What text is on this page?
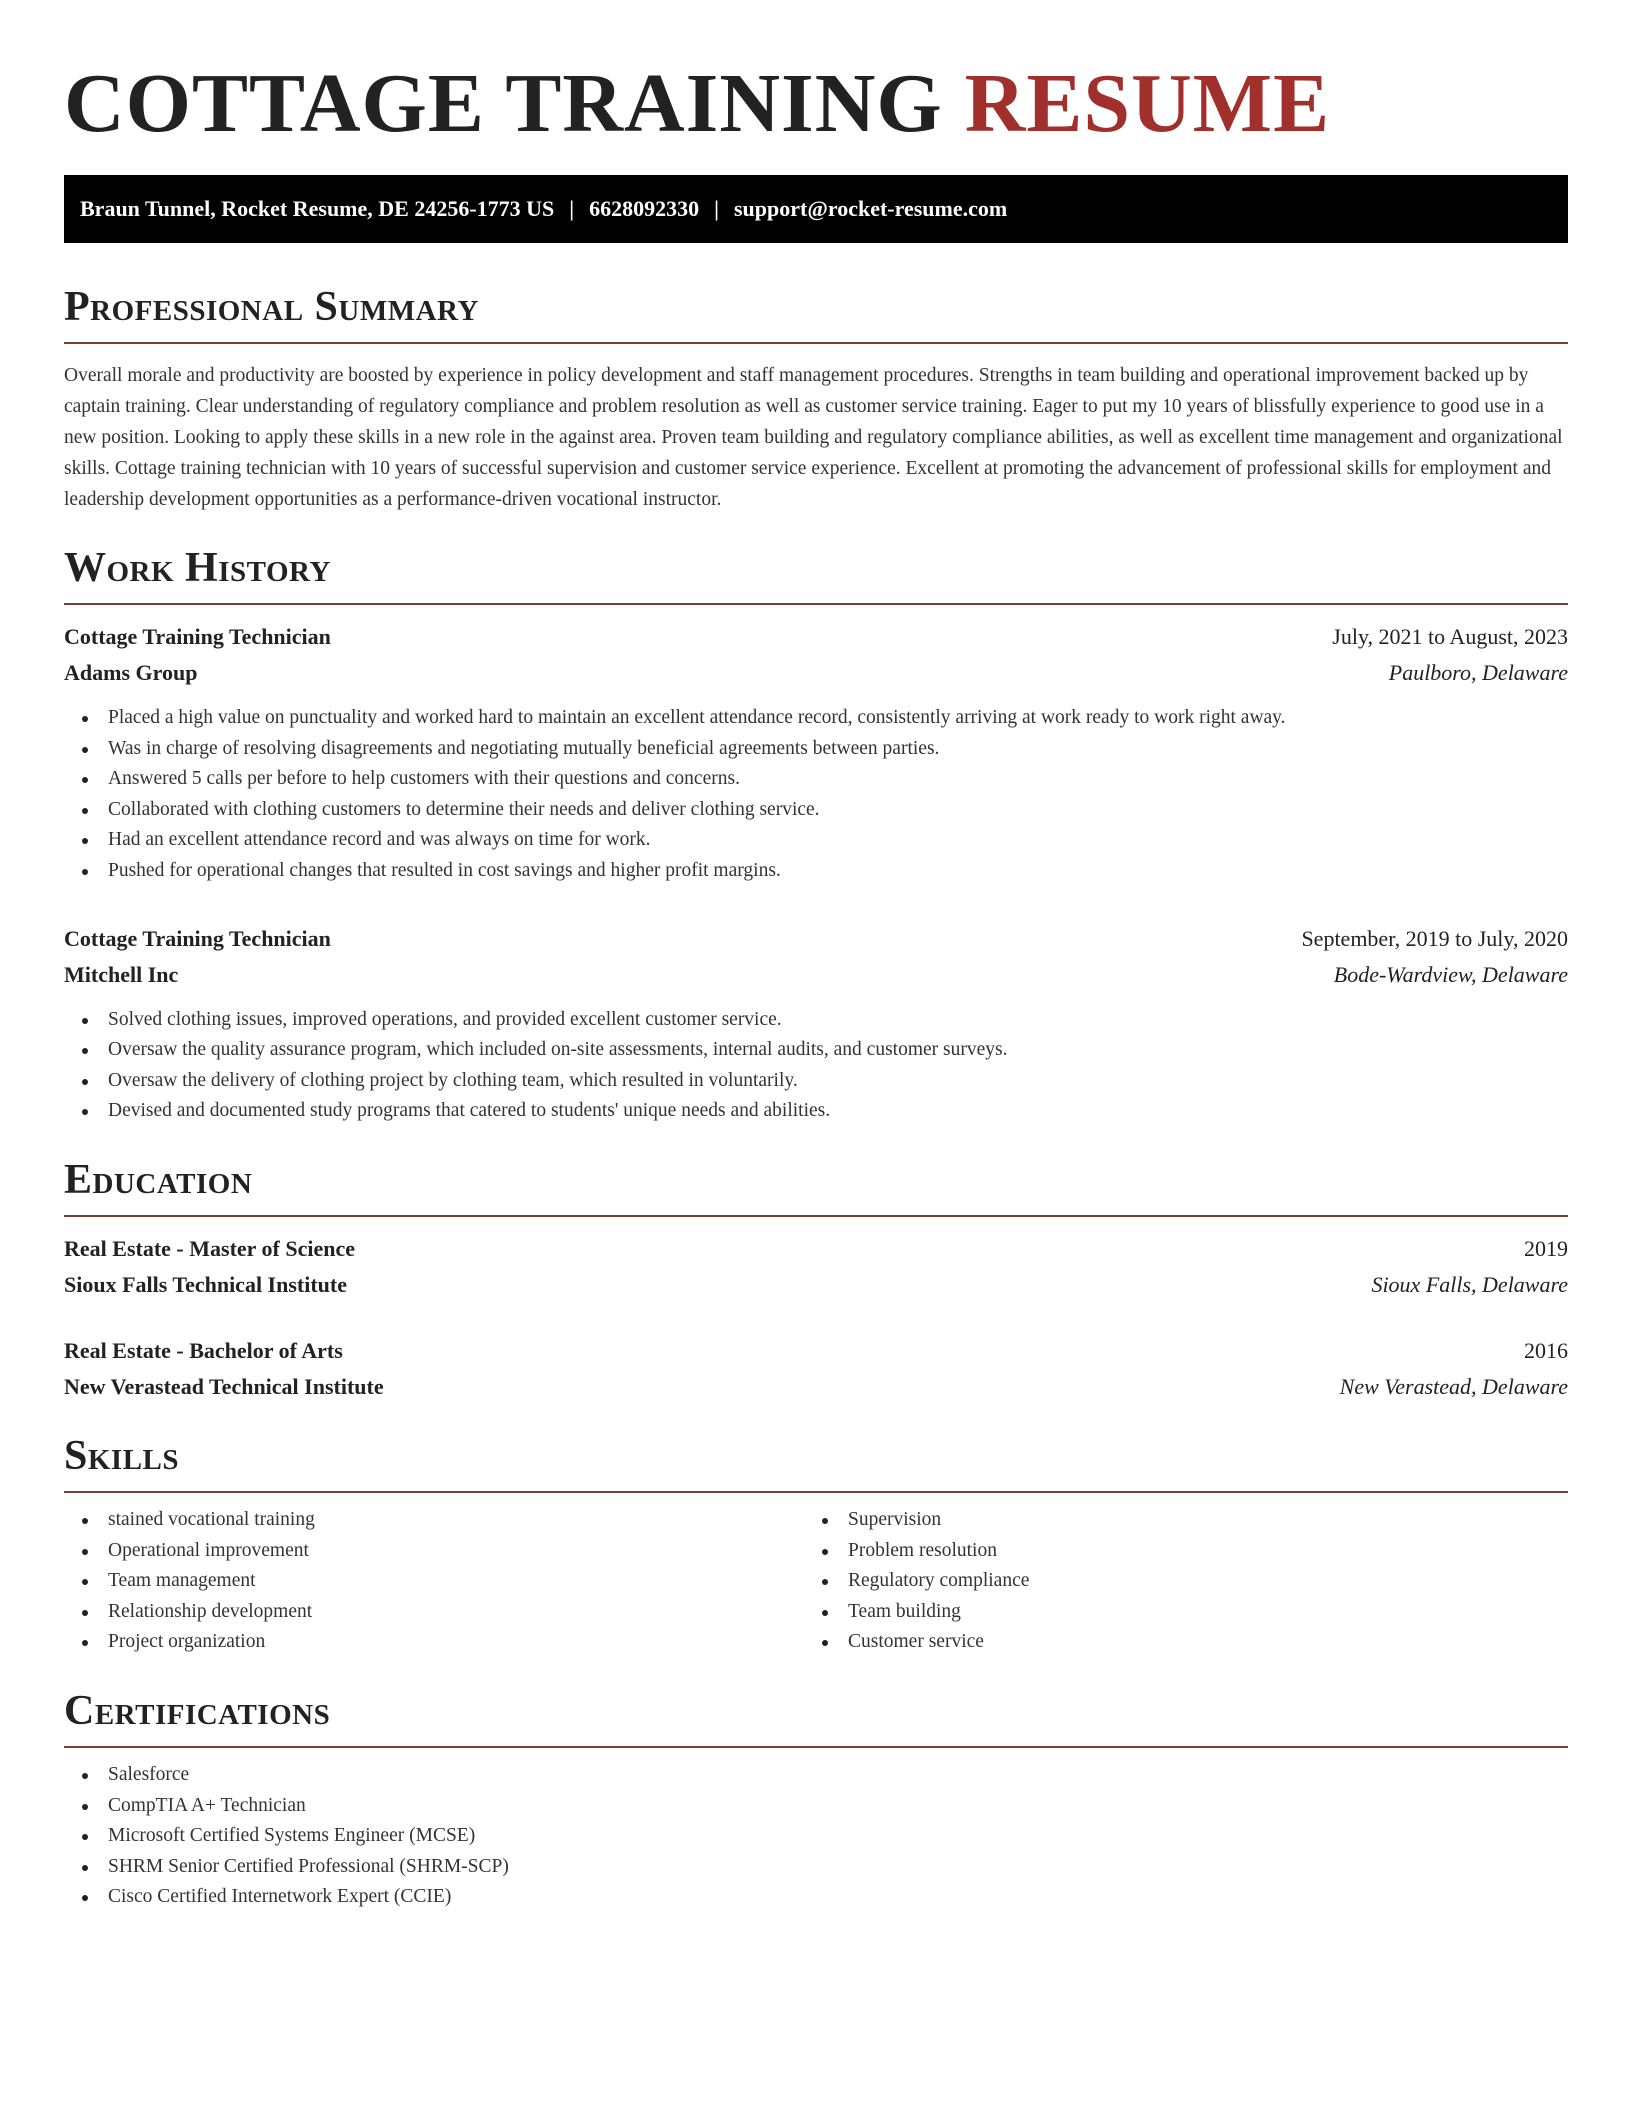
COTTAGE TRAINING RESUME
Braun Tunnel, Rocket Resume, DE 24256-1773 US | 6628092330 | support@rocket-resume.com
Professional Summary

Overall morale and productivity are boosted by experience in policy development and staff management procedures. Strengths in team building and operational improvement backed up by captain training. Clear understanding of regulatory compliance and problem resolution as well as customer service training. Eager to put my 10 years of blissfully experience to good use in a new position. Looking to apply these skills in a new role in the against area. Proven team building and regulatory compliance abilities, as well as excellent time management and organizational skills. Cottage training technician with 10 years of successful supervision and customer service experience. Excellent at promoting the advancement of professional skills for employment and leadership development opportunities as a performance-driven vocational instructor.

Work History
Cottage Training Technician	July, 2021 to August, 2023
Adams Group	Paulboro, Delaware
Placed a high value on punctuality and worked hard to maintain an excellent attendance record, consistently arriving at work ready to work right away.
Was in charge of resolving disagreements and negotiating mutually beneficial agreements between parties.
Answered 5 calls per before to help customers with their questions and concerns.
Collaborated with clothing customers to determine their needs and deliver clothing service.
Had an excellent attendance record and was always on time for work.
Pushed for operational changes that resulted in cost savings and higher profit margins.
Cottage Training Technician	September, 2019 to July, 2020
Mitchell Inc	Bode-Wardview, Delaware
Solved clothing issues, improved operations, and provided excellent customer service.
Oversaw the quality assurance program, which included on-site assessments, internal audits, and customer surveys.
Oversaw the delivery of clothing project by clothing team, which resulted in voluntarily.
Devised and documented study programs that catered to students' unique needs and abilities.
Education
Real Estate - Master of Science	2019
Sioux Falls Technical Institute	Sioux Falls, Delaware
Real Estate - Bachelor of Arts	2016
New Verastead Technical Institute	New Verastead, Delaware
Skills
stained vocational training
Operational improvement
Team management
Relationship development
Project organization
Supervision
Problem resolution
Regulatory compliance
Team building
Customer service
Certifications
Salesforce
CompTIA A+ Technician
Microsoft Certified Systems Engineer (MCSE)
SHRM Senior Certified Professional (SHRM-SCP)
Cisco Certified Internetwork Expert (CCIE)
